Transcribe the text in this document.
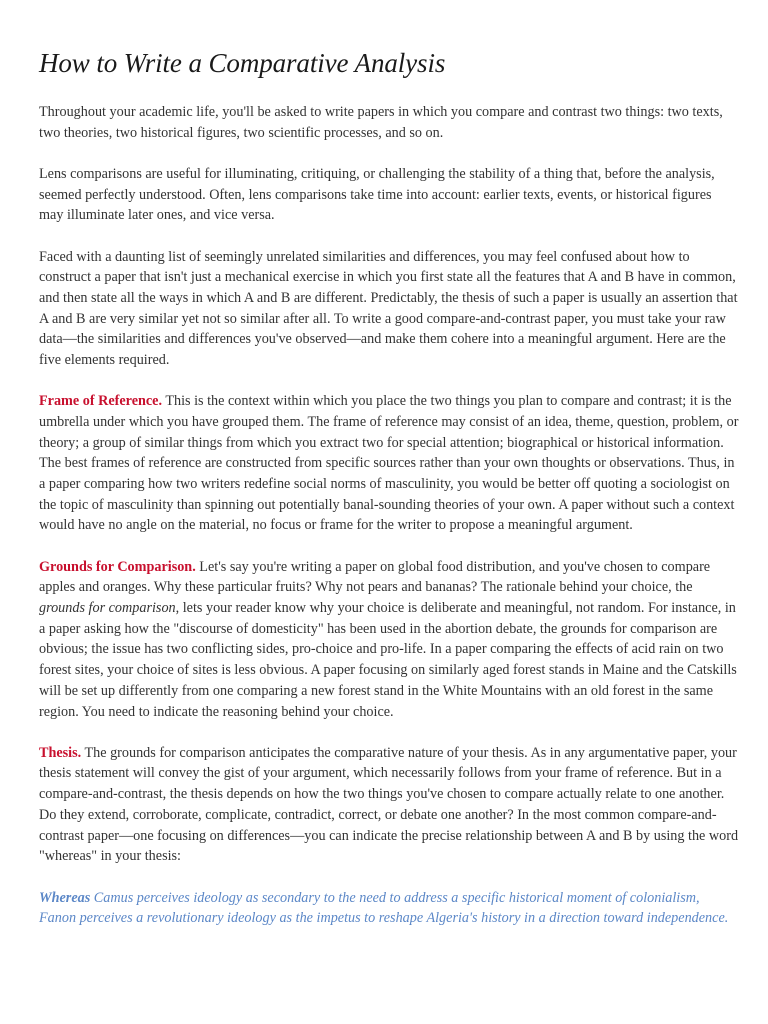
How to Write a Comparative Analysis

Throughout your academic life, you'll be asked to write papers in which you compare and contrast two things: two texts, two theories, two historical figures, two scientific processes, and so on.

Lens comparisons are useful for illuminating, critiquing, or challenging the stability of a thing that, before the analysis, seemed perfectly understood. Often, lens comparisons take time into account: earlier texts, events, or historical figures may illuminate later ones, and vice versa.

Faced with a daunting list of seemingly unrelated similarities and differences, you may feel confused about how to construct a paper that isn't just a mechanical exercise in which you first state all the features that A and B have in common, and then state all the ways in which A and B are different. Predictably, the thesis of such a paper is usually an assertion that A and B are very similar yet not so similar after all. To write a good compare-and-contrast paper, you must take your raw data—the similarities and differences you've observed—and make them cohere into a meaningful argument. Here are the five elements required.

Frame of Reference. This is the context within which you place the two things you plan to compare and contrast; it is the umbrella under which you have grouped them. The frame of reference may consist of an idea, theme, question, problem, or theory; a group of similar things from which you extract two for special attention; biographical or historical information. The best frames of reference are constructed from specific sources rather than your own thoughts or observations. Thus, in a paper comparing how two writers redefine social norms of masculinity, you would be better off quoting a sociologist on the topic of masculinity than spinning out potentially banal-sounding theories of your own. A paper without such a context would have no angle on the material, no focus or frame for the writer to propose a meaningful argument.

Grounds for Comparison. Let's say you're writing a paper on global food distribution, and you've chosen to compare apples and oranges. Why these particular fruits? Why not pears and bananas? The rationale behind your choice, the grounds for comparison, lets your reader know why your choice is deliberate and meaningful, not random. For instance, in a paper asking how the "discourse of domesticity" has been used in the abortion debate, the grounds for comparison are obvious; the issue has two conflicting sides, pro-choice and pro-life. In a paper comparing the effects of acid rain on two forest sites, your choice of sites is less obvious. A paper focusing on similarly aged forest stands in Maine and the Catskills will be set up differently from one comparing a new forest stand in the White Mountains with an old forest in the same region. You need to indicate the reasoning behind your choice.

Thesis. The grounds for comparison anticipates the comparative nature of your thesis. As in any argumentative paper, your thesis statement will convey the gist of your argument, which necessarily follows from your frame of reference. But in a compare-and-contrast, the thesis depends on how the two things you've chosen to compare actually relate to one another. Do they extend, corroborate, complicate, contradict, correct, or debate one another? In the most common compare-and-contrast paper—one focusing on differences—you can indicate the precise relationship between A and B by using the word "whereas" in your thesis:

Whereas Camus perceives ideology as secondary to the need to address a specific historical moment of colonialism, Fanon perceives a revolutionary ideology as the impetus to reshape Algeria's history in a direction toward independence.
